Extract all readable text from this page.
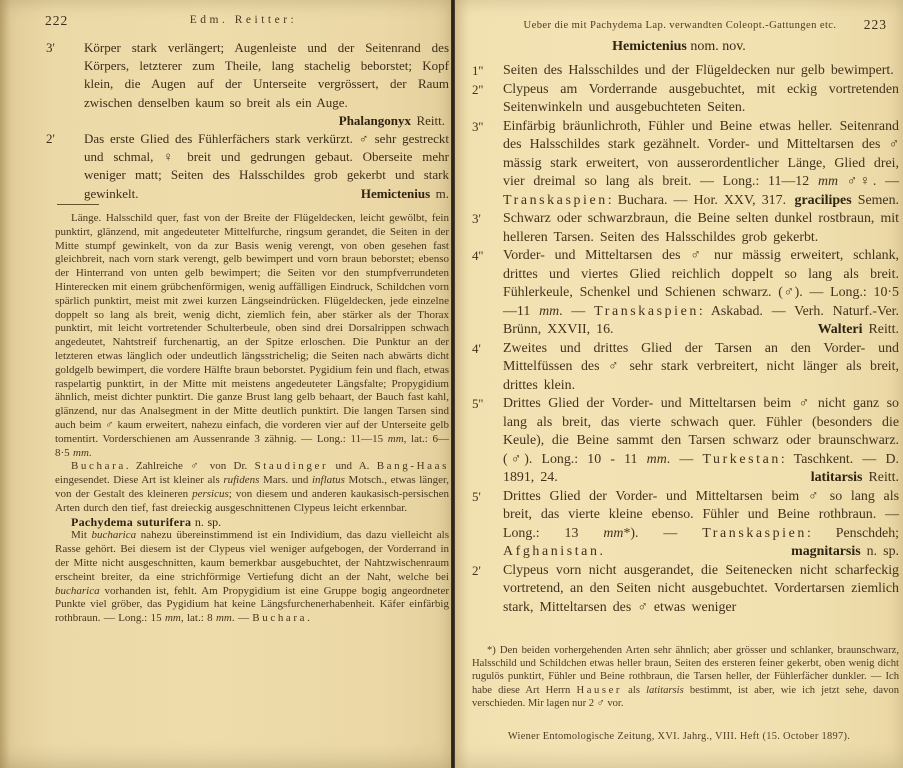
222	Edm. Reitter:
3' Körper stark verlängert; Augenleiste und der Seitenrand des Körpers, letzterer zum Theile, lang stachelig beborstet; Kopf klein, die Augen auf der Unterseite vergrössert, der Raum zwischen denselben kaum so breit als ein Auge.
Phalangonyx Reitt.
2' Das erste Glied des Fühlerfächers stark verkürzt. ♂ sehr gestreckt und schmal, ♀ breit und gedrungen gebaut. Oberseite mehr weniger matt; Seiten des Halsschildes grob gekerbt und stark gewinkelt.	Hemictenius m.

Länge. Halsschild quer, fast von der Breite der Flügeldecken, leicht gewölbt, fein punktirt, glänzend, mit angedeuteter Mittelfurche, ringsum gerandet, die Seiten in der Mitte stumpf gewinkelt, von da zur Basis wenig verengt, von oben gesehen fast gleichbreit, nach vorn stark verengt, gelb bewimpert und vorn braun beborstet; ebenso der Hinterrand von unten gelb bewimpert; die Seiten vor den stumpfverrundeten Hinterecken mit einem grübchenförmigen, wenig auffälligen Eindruck, Schildchen vorn spärlich punktirt, meist mit zwei kurzen Längseindrücken. Flügeldecken, jede einzelne doppelt so lang als breit, wenig dicht, ziemlich fein, aber stärker als der Thorax punktirt, mit leicht vortretender Schulterbeule, oben sind drei Dorsalrippen schwach angedeutet, Nahtstreif furchenartig, an der Spitze erloschen. Die Punktur an der letzteren etwas länglich oder undeutlich längsstrichelig; die Seiten nach abwärts dicht goldgelb bewimpert, die vordere Hälfte braun beborstet. Pygidium fein und flach, etwas raspelartig punktirt, in der Mitte mit meistens angedeuteter Längsfalte; Propygidium ähnlich, meist dichter punktirt. Die ganze Brust lang gelb behaart, der Bauch fast kahl, glänzend, nur das Analsegment in der Mitte deutlich punktirt. Die langen Tarsen sind auch beim ♂ kaum erweitert, nahezu einfach, die vorderen vier auf der Unterseite gelb tomentirt. Vorderschienen am Aussenrande 3 zähnig. — Long.: 11—15 mm, lat.: 6—8·5 mm.

Buchara. Zahlreiche ♂ von Dr. Staudinger und A. Bang-Haas eingesendet. Diese Art ist kleiner als rufidens Mars. und inflatus Motsch., etwas länger, von der Gestalt des kleineren persicus; von diesem und anderen kaukasisch-persischen Arten durch den tief, fast dreieckig ausgeschnittenen Clypeus leicht erkennbar.

Pachydema suturifera n. sp.

Mit bucharica nahezu übereinstimmend ist ein Individium, das dazu vielleicht als Rasse gehört. Bei diesem ist der Clypeus viel weniger aufgebogen, der Vorderrand in der Mitte nicht ausgeschnitten, kaum bemerkbar ausgebuchtet, der Nahtzwischenraum erscheint breiter, da eine strichförmige Vertiefung dicht an der Naht, welche bei bucharica vorhanden ist, fehlt. Am Propygidium ist eine Gruppe bogig angeordneter Punkte viel gröber, das Pygidium hat keine Längsfurchenerhabenheit. Käfer einfärbig rothbraun. — Long.: 15 mm, lat.: 8 mm. — Buchara.

Ueber die mit Pachydema Lap. verwandten Coleopt.-Gattungen etc.	223
Hemictenius nom. nov.
1'' Seiten des Halsschildes und der Flügeldecken nur gelb bewimpert.
2'' Clypeus am Vorderrande ausgebuchtet, mit eckig vortretenden Seitenwinkeln und ausgebuchteten Seiten.
3'' Einfärbig bräunlichroth, Fühler und Beine etwas heller. Seitenrand des Halsschildes stark gezähnelt. Vorder- und Mitteltarsen des ♂ mässig stark erweitert, von ausserordentlicher Länge, Glied drei, vier dreimal so lang als breit. — Long.: 11—12 mm ♂♀. — Transkaspien: Buchara. — Hor. XXV, 317. gracilipes Semen.
3' Schwarz oder schwarzbraun, die Beine selten dunkel rostbraun, mit helleren Tarsen. Seiten des Halsschildes grob gekerbt.
4'' Vorder- und Mitteltarsen des ♂ nur mässig erweitert, schlank, drittes und viertes Glied reichlich doppelt so lang als breit. Fühlerkeule, Schenkel und Schienen schwarz. (♂). — Long.: 10·5—11 mm. — Transkaspien: Askabad. — Verh. Naturf.-Ver. Brünn, XXVII, 16.	Walteri Reitt.
4' Zweites und drittes Glied der Tarsen an den Vorder- und Mittelfüssen des ♂ sehr stark verbreitert, nicht länger als breit, drittes klein.
5'' Drittes Glied der Vorder- und Mitteltarsen beim ♂ nicht ganz so lang als breit, das vierte schwach quer. Fühler (besonders die Keule), die Beine sammt den Tarsen schwarz oder braunschwarz. (♂). Long.: 10 - 11 mm. — Turkestan: Taschkent. — D. 1891, 24.	latitarsis Reitt.
5' Drittes Glied der Vorder- und Mitteltarsen beim ♂ so lang als breit, das vierte kleine ebenso. Fühler und Beine rothbraun. — Long.: 13 mm*). — Transkaspien: Penschdeh; Afghanistan.	magnitarsis n. sp.
2' Clypeus vorn nicht ausgerandet, die Seitenecken nicht scharfeckig vortretend, an den Seiten nicht ausgebuchtet. Vordertarsen ziemlich stark, Mitteltarsen des ♂ etwas weniger
*) Den beiden vorhergehenden Arten sehr ähnlich; aber grösser und schlanker, braunschwarz, Halsschild und Schildchen etwas heller braun, Seiten des ersteren feiner gekerbt, oben wenig dicht rugulös punktirt, Fühler und Beine rothbraun, die Tarsen heller, der Fühlerfächer dunkler. — Ich habe diese Art Herrn Hauser als latitarsis bestimmt, ist aber, wie ich jetzt sehe, davon verschieden. Mir lagen nur 2 ♂ vor.
Wiener Entomologische Zeitung, XVI. Jahrg., VIII. Heft (15. October 1897).
